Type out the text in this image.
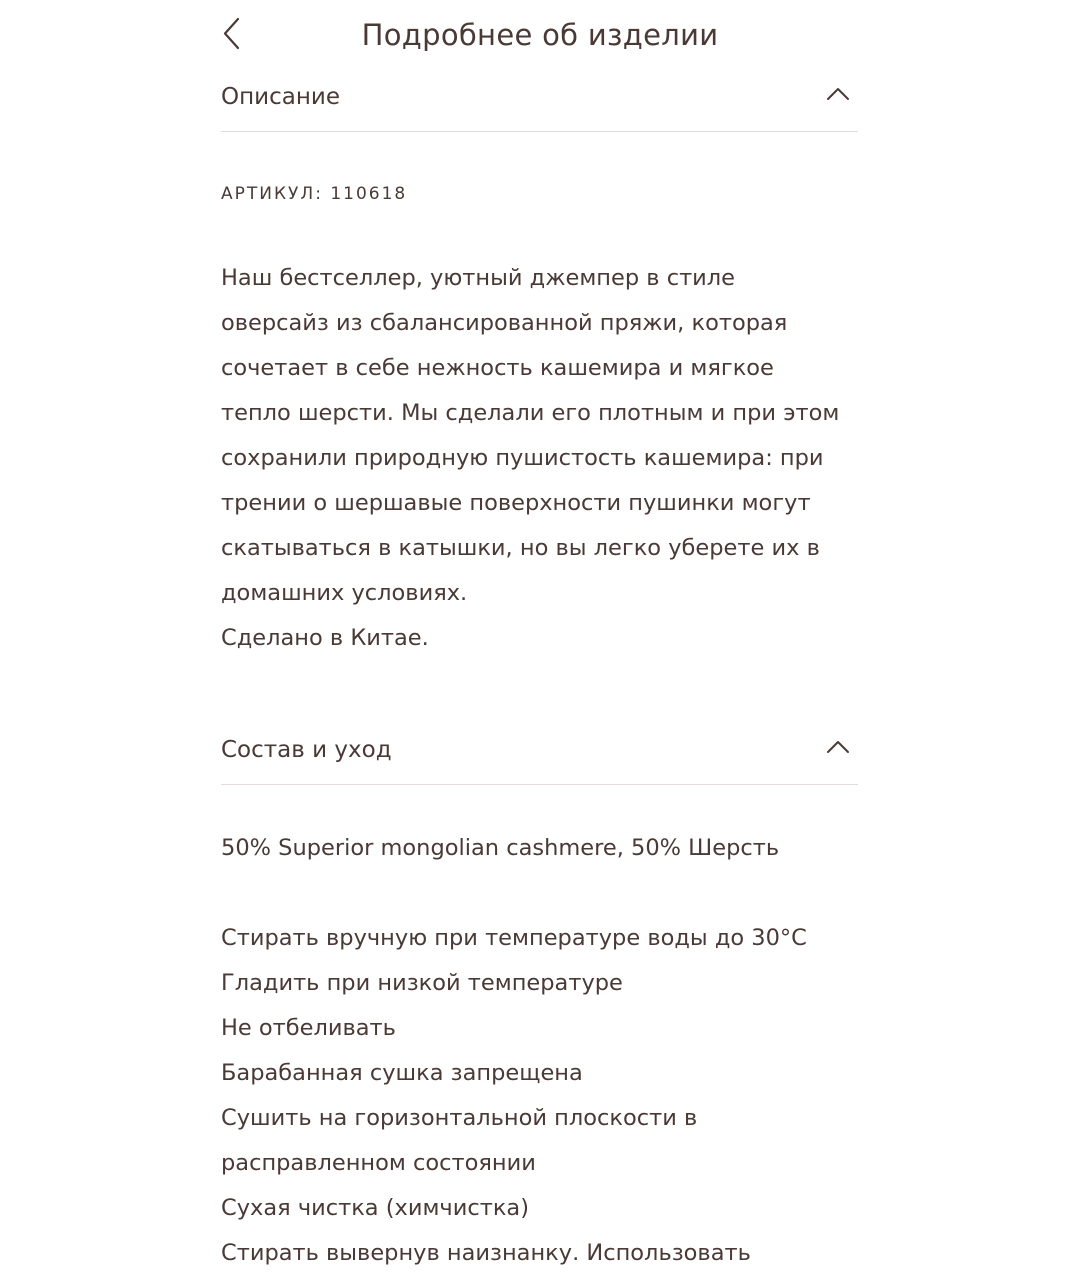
Подробнее об изделии
Описание
АРТИКУЛ: 110618

Наш бестселлер, уютный джемпер в стиле

оверсайз из сбалансированной пряжи, которая

сочетает в себе нежность кашемира и мягкое

тепло шерсти. Мы сделали его плотным и при этом

сохранили природную пушистость кашемира: при

трении о шершавые поверхности пушинки могут

скатываться в катышки, но вы легко уберете их в

домашних условиях.

Сделано в Китае.

Состав и уход
50% Superior mongolian cashmere, 50% Шерсть
Стирать вручную при температуре воды до 30°C
Гладить при низкой температуре
Не отбеливать
Барабанная сушка запрещена
Сушить на горизонтальной плоскости в
расправленном состоянии
Сухая чистка (химчистка)
Стирать вывернув наизнанку. Использовать
